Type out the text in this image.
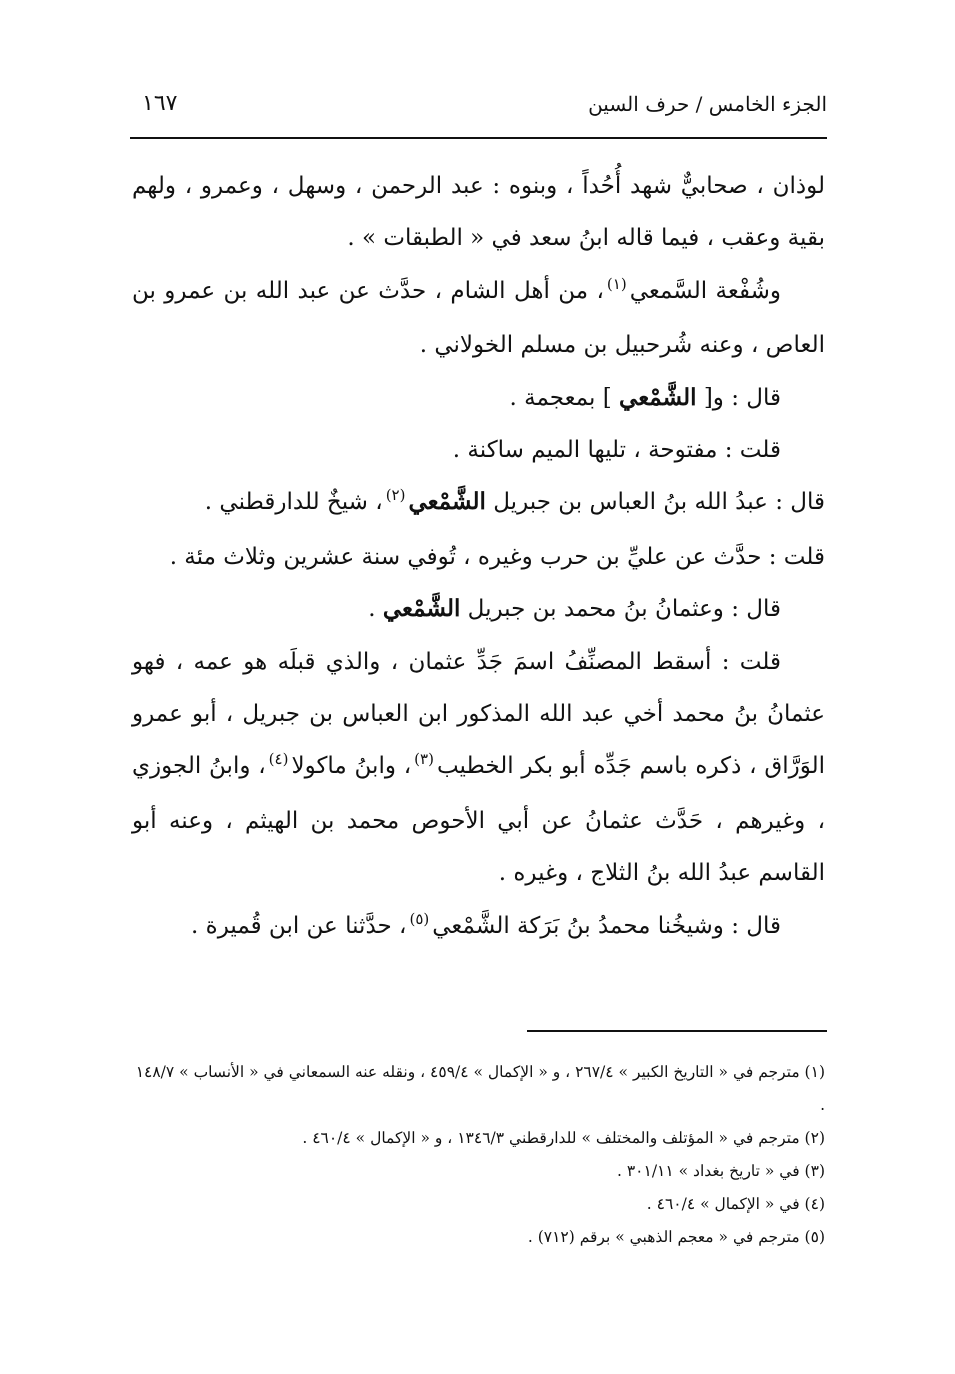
الجزء الخامس / حرف السين
١٦٧

لوذان ، صحابيٌّ شهد أُحُداً ، وبنوه : عبد الرحمن ، وسهل ، وعمرو ، ولهم بقية وعقب ، فيما قاله ابنُ سعد في « الطبقات » .

وشُفْعة السَّمعي$^{(١)}$، من أهل الشام ، حدَّث عن عبد الله بن عمرو بن العاص ، وعنه شُرحبيل بن مسلم الخولاني .

قال : و[ الشَّمْعي ] بمعجمة .

قلت : مفتوحة ، تليها الميم ساكنة .

قال : عبدُ الله بنُ العباس بن جبريل الشَّمْعي$^{(٢)}$، شيخٌ للدارقطني .

قلت : حدَّث عن عليِّ بن حرب وغيره ، تُوفي سنة عشرين وثلاث مئة .

قال : وعثمانُ بنُ محمد بن جبريل الشَّمْعي .

قلت : أسقط المصنِّفُ اسمَ جَدِّ عثمان ، والذي قبلَه هو عمه ، فهو عثمانُ بنُ محمد أخي عبد الله المذكور ابن العباس بن جبريل ، أبو عمرو الوَرَّاق ، ذكره باسم جَدِّه أبو بكر الخطيب$^{(٣)}$، وابنُ ماكولا$^{(٤)}$، وابنُ الجوزي ، وغيرهم ، حَدَّث عثمانُ عن أبي الأحوص محمد بن الهيثم ، وعنه أبو القاسم عبدُ الله بنُ الثلاج ، وغيره .

قال : وشيخُنا محمدُ بنُ بَرَكة الشَّمْعي$^{(٥)}$، حدَّثنا عن ابن قُميرة .

(١) مترجم في « التاريخ الكبير » ٢٦٧/٤ ، و « الإكمال » ٤٥٩/٤ ، ونقله عنه السمعاني في « الأنساب » ١٤٨/٧ .

(٢) مترجم في « المؤتلف والمختلف » للدارقطني ١٣٤٦/٣ ، و « الإكمال » ٤٦٠/٤ .

(٣) في « تاريخ بغداد » ٣٠١/١١ .

(٤) في « الإكمال » ٤٦٠/٤ .

(٥) مترجم في « معجم الذهبي » برقم (٧١٢) .
